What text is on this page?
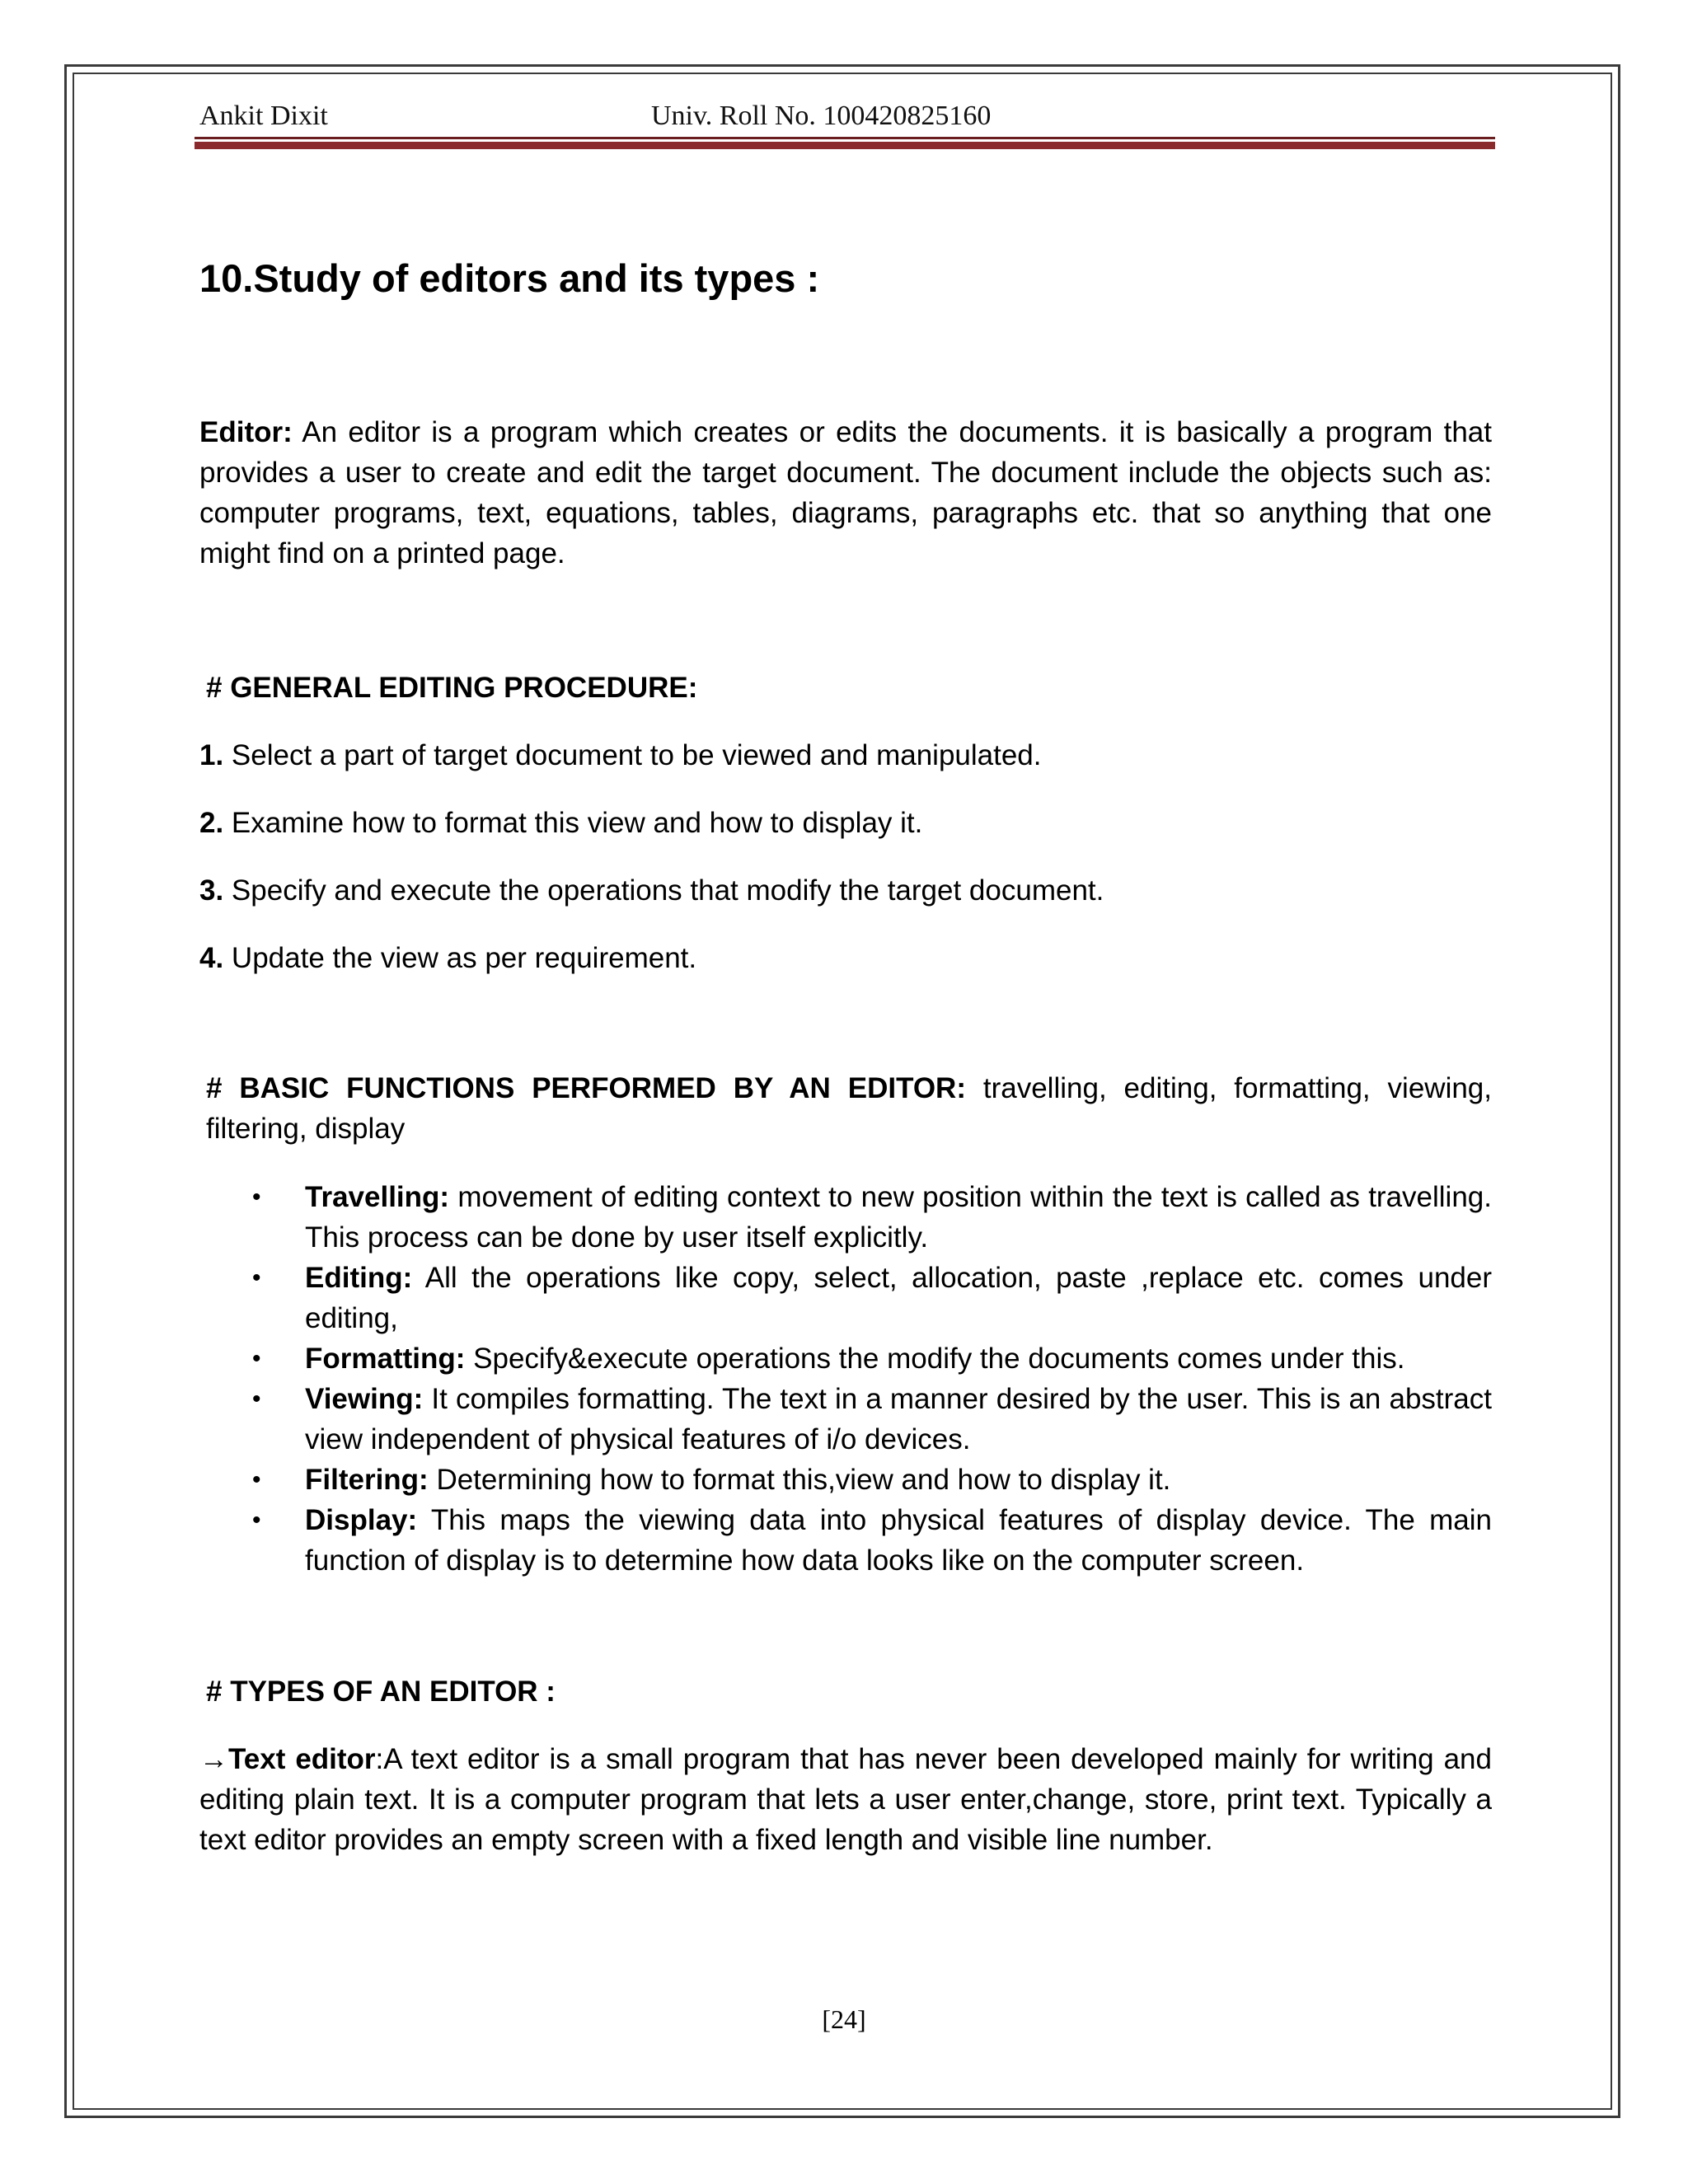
Ankit Dixit	Univ. Roll No. 100420825160
10.Study of editors and its types :

Editor: An editor is a program which creates or edits the documents. it is basically a program that provides a user to create and edit the target document. The document include the objects such as: computer programs, text, equations, tables, diagrams, paragraphs etc. that so anything that one might find on a printed page.

# GENERAL EDITING PROCEDURE:

1. Select a part of target document to be viewed and manipulated.

2. Examine how to format this view and how to display it.

3. Specify and execute the operations that modify the target document.

4. Update the view as per requirement.

# BASIC FUNCTIONS PERFORMED BY AN EDITOR: travelling, editing, formatting, viewing, filtering, display

• Travelling: movement of editing context to new position within the text is called as travelling. This process can be done by user itself explicitly.
• Editing: All the operations like copy, select, allocation, paste ,replace etc. comes under editing,
• Formatting: Specify&execute operations the modify the documents comes under this.
• Viewing: It compiles formatting. The text in a manner desired by the user. This is an abstract view independent of physical features of i/o devices.
• Filtering: Determining how to format this,view and how to display it.
• Display: This maps the viewing data into physical features of display device. The main function of display is to determine how data looks like on the computer screen.
# TYPES OF AN EDITOR :

→Text editor:A text editor is a small program that has never been developed mainly for writing and editing plain text. It is a computer program that lets a user enter,change, store, print text. Typically a text editor provides an empty screen with a fixed length and visible line number.

[24]
